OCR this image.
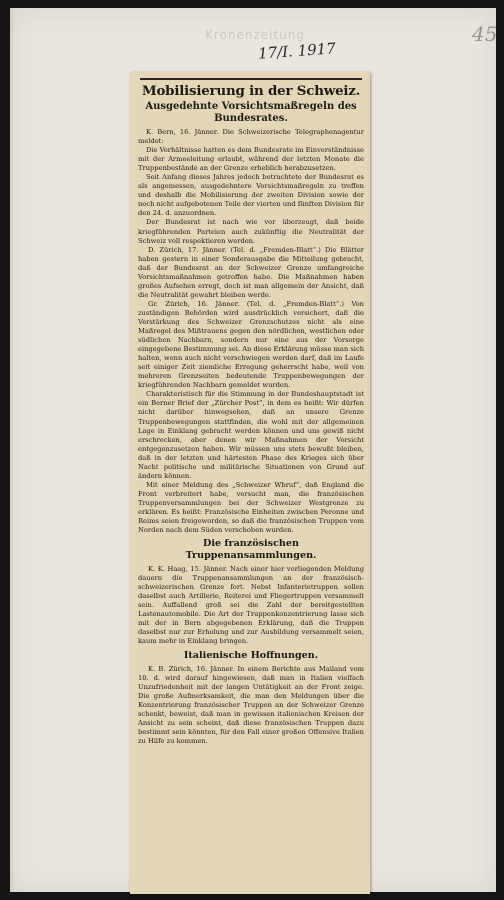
Kronenzeitung	45
17/I. 1917
Mobilisierung in der Schweiz.
Ausgedehnte Vorsichtsmaßregeln des Bundesrates.

K. Bern, 16. Jänner. Die Schweizerische Telegraphenagentur meldet:

Die Verhältnisse hatten es dem Bundesrate im Einverständnisse mit der Armeeleitung erlaubt, während der letzten Monate die Truppenbestände an der Grenze erheblich herabzusetzen.

Seit Anfang dieses Jahres jedoch betrachtete der Bundesrat es als angemessen, ausgedehntere Vorsichtsmaßregeln zu treffen und deshalb die Mobilisierung der zweiten Division sowie der noch nicht aufgebotenen Teile der vierten und fünften Division für den 24. d. anzuordnen.

Der Bundesrat ist nach wie vor überzeugt, daß beide kriegführenden Parteien auch zukünftig die Neutralität der Schweiz voll respektieren werden.

D. Zürich, 17. Jänner. (Tel. d. „Fremden-Blatt“.) Die Blätter haben gestern in einer Sonderausgabe die Mitteilung gebracht, daß der Bundesrat an der Schweizer Grenze umfangreiche Vorsichtsmaßnahmen getroffen habe. Die Maßnahmen haben großes Aufsehen erregt, doch ist man allgemein der Ansicht, daß die Neutralität gewahrt bleiben werde.

Gr. Zürich, 16. Jänner. (Tel. d. „Fremden-Blatt“.) Von zuständigen Behörden wird ausdrücklich versichert, daß die Verstärkung des Schweizer Grenzschutzes nicht als eine Maßregel des Mißtrauens gegen den nördlichen, westlichen oder südlichen Nachbarn, sondern nur eine aus der Vorsorge eingegebene Bestimmung sei. An diese Erklärung müsse man sich halten, wenn auch nicht verschwiegen werden darf, daß im Laufe seit einiger Zeit ziemliche Erregung geherrscht habe, weil von mehreren Grenzseiten bedeutende Truppenbewegungen der kriegführenden Nachbarn gemeldet wurden.

Charakteristisch für die Stimmung in der Bundeshauptstadt ist ein Berner Brief der „Zürcher Post“, in dem es heißt: Wir dürfen nicht darüber hinwegsehen, daß an unsere Grenze Truppenbewegungen stattfinden, die wohl mit der allgemeinen Lage in Einklang gebracht werden können und uns gewiß nicht erschrecken, aber denen wir Maßnahmen der Vorsicht entgegenzusetzen haben. Wir müssen uns stets bewußt bleiben, daß in der letzten und härtesten Phase des Krieges sich über Nacht politische und militärische Situationen von Grund auf ändern können.

Mit einer Meldung des „Schweizer Wbruf“, daß England die Front verbreitert habe, versucht man, die französischen Truppenversammlungen bei der Schweizer Westgrenze zu erklären. Es heißt: Französische Einheiten zwischen Peronne und Reims seien freigeworden, so daß die französischen Truppen vom Norden nach dem Süden verschoben wurden.

Die französischen Truppenansammlungen.

K. K. Haag, 15. Jänner. Nach einer hier vorliegenden Meldung dauern die Truppenansammlungen an der französisch-schweizerischen Grenze fort. Nebst Infanterietruppen sollen daselbst auch Artillerie, Reiterei und Fliegertruppen versammelt sein. Auffallend groß sei die Zahl der bereitgestellten Lastenautomobile. Die Art der Truppenkonzentrierung lasse sich mit der in Bern abgegebenen Erklärung, daß die Truppen daselbst nur zur Erholung und zur Ausbildung versammelt seien, kaum mehr in Einklang bringen.

Italienische Hoffnungen.

K. B. Zürich, 16. Jänner. In einem Berichte aus Mailand vom 10. d. wird darauf hingewiesen, daß man in Italien vielfach Unzufriedenheit mit der langen Untätigkeit an der Front zeige. Die große Aufmerksamkeit, die man den Meldungen über die Konzentrierung französischer Truppen an der Schweizer Grenze schenkt, beweist, daß man in gewissen italienischen Kreisen der Ansicht zu sein scheint, daß diese französischen Truppen dazu bestimmt sein könnten, für den Fall einer großen Offensive Italien zu Hilfe zu kommen.
